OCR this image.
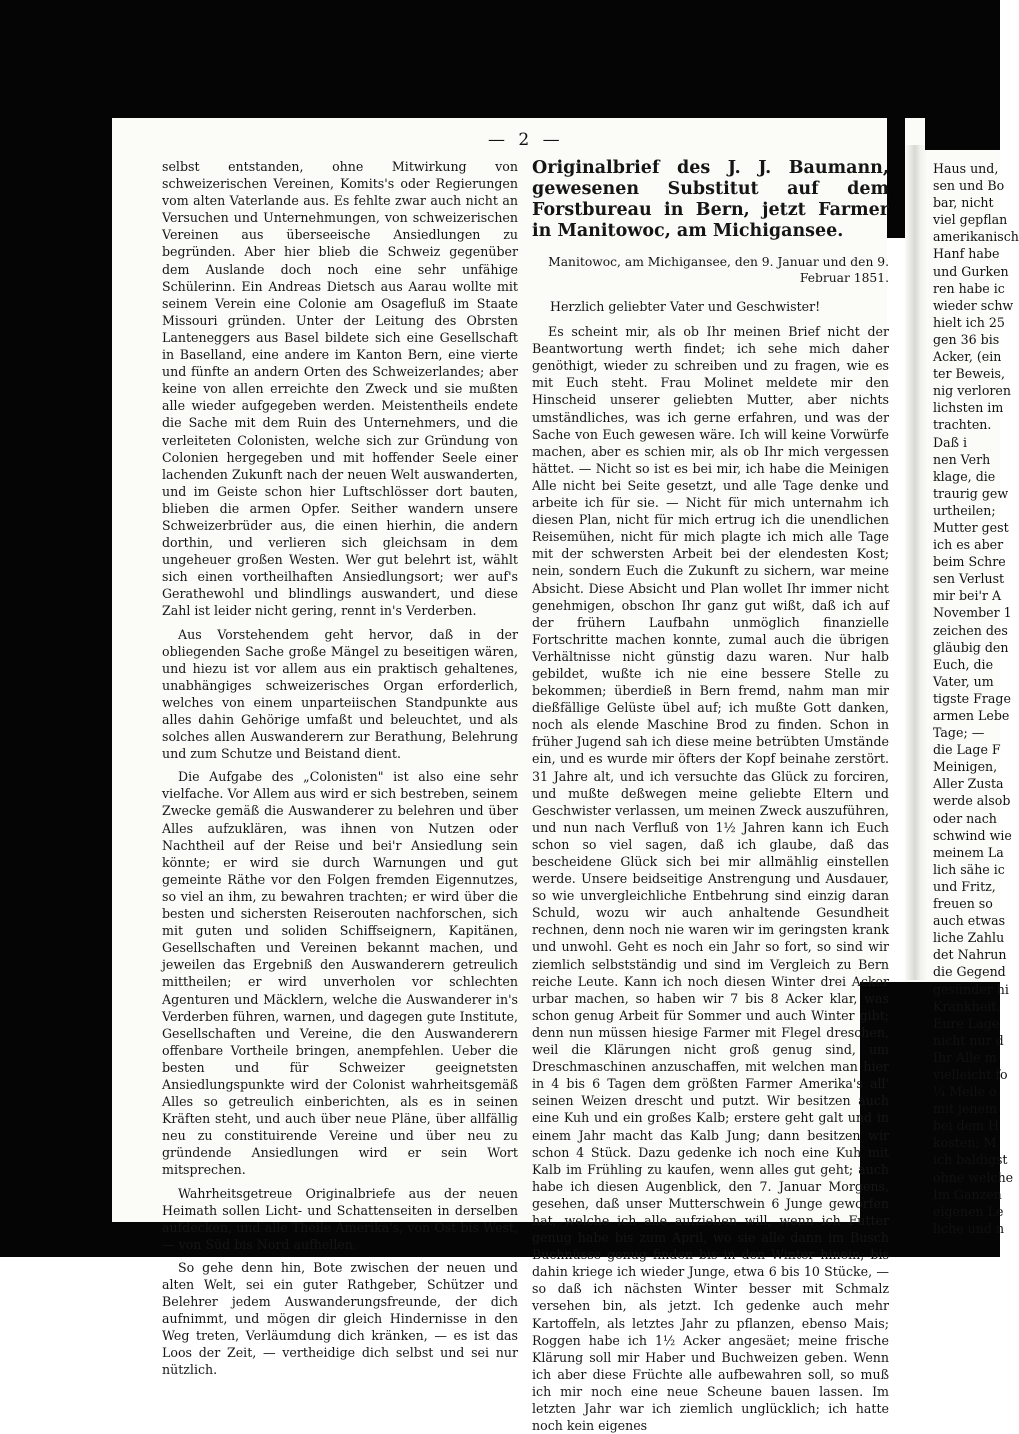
— 2 —

selbst entstanden, ohne Mitwirkung von schweizerischen Vereinen, Komits's oder Regierungen vom alten Vaterlande aus. Es fehlte zwar auch nicht an Versuchen und Unternehmungen, von schweizerischen Vereinen aus überseeische Ansiedlungen zu begründen. Aber hier blieb die Schweiz gegenüber dem Auslande doch noch eine sehr unfähige Schülerinn. Ein Andreas Dietsch aus Aarau wollte mit seinem Verein eine Colonie am Osagefluß im Staate Missouri gründen. Unter der Leitung des Obrsten Lanteneggers aus Basel bildete sich eine Gesellschaft in Baselland, eine andere im Kanton Bern, eine vierte und fünfte an andern Orten des Schweizerlandes; aber keine von allen erreichte den Zweck und sie mußten alle wieder aufgegeben werden. Meistentheils endete die Sache mit dem Ruin des Unternehmers, und die verleiteten Colonisten, welche sich zur Gründung von Colonien hergegeben und mit hoffender Seele einer lachenden Zukunft nach der neuen Welt auswanderten, und im Geiste schon hier Luftschlösser dort bauten, blieben die armen Opfer. Seither wandern unsere Schweizerbrüder aus, die einen hierhin, die andern dorthin, und verlieren sich gleichsam in dem ungeheuer großen Westen. Wer gut belehrt ist, wählt sich einen vortheilhaften Ansiedlungsort; wer auf's Gerathewohl und blindlings auswandert, und diese Zahl ist leider nicht gering, rennt in's Verderben.

Aus Vorstehendem geht hervor, daß in der obliegenden Sache große Mängel zu beseitigen wären, und hiezu ist vor allem aus ein praktisch gehaltenes, unabhängiges schweizerisches Organ erforderlich, welches von einem unparteiischen Standpunkte aus alles dahin Gehörige umfaßt und beleuchtet, und als solches allen Auswanderern zur Berathung, Belehrung und zum Schutze und Beistand dient.

Die Aufgabe des „Colonisten" ist also eine sehr vielfache. Vor Allem aus wird er sich bestreben, seinem Zwecke gemäß die Auswanderer zu belehren und über Alles aufzuklären, was ihnen von Nutzen oder Nachtheil auf der Reise und bei'r Ansiedlung sein könnte; er wird sie durch Warnungen und gut gemeinte Räthe vor den Folgen fremden Eigennutzes, so viel an ihm, zu bewahren trachten; er wird über die besten und sichersten Reiserouten nachforschen, sich mit guten und soliden Schiffseignern, Kapitänen, Gesellschaften und Vereinen bekannt machen, und jeweilen das Ergebniß den Auswanderern getreulich mittheilen; er wird unverholen vor schlechten Agenturen und Mäcklern, welche die Auswanderer in's Verderben führen, warnen, und dagegen gute Institute, Gesellschaften und Vereine, die den Auswanderern offenbare Vortheile bringen, anempfehlen. Ueber die besten und für Schweizer geeignetsten Ansiedlungspunkte wird der Colonist wahrheitsgemäß Alles so getreulich einberichten, als es in seinen Kräften steht, und auch über neue Pläne, über allfällig neu zu constituirende Vereine und über neu zu gründende Ansiedlungen wird er sein Wort mitsprechen.

Wahrheitsgetreue Originalbriefe aus der neuen Heimath sollen Licht- und Schattenseiten in derselben aufdecken, und alle Theile Amerika's, von Ost bis West, — von Süd bis Nord aufhellen.

So gehe denn hin, Bote zwischen der neuen und alten Welt, sei ein guter Rathgeber, Schützer und Belehrer jedem Auswanderungsfreunde, der dich aufnimmt, und mögen dir gleich Hindernisse in den Weg treten, Verläumdung dich kränken, — es ist das Loos der Zeit, — vertheidige dich selbst und sei nur nützlich.

Originalbrief des J. J. Baumann, gewesenen Substitut auf dem Forstbureau in Bern, jetzt Farmer in Manitowoc, am Michigansee.
Manitowoc, am Michigansee, den 9. Januar und den 9. Februar 1851.
Herzlich geliebter Vater und Geschwister!

Es scheint mir, als ob Ihr meinen Brief nicht der Beantwortung werth findet; ich sehe mich daher genöthigt, wieder zu schreiben und zu fragen, wie es mit Euch steht. Frau Molinet meldete mir den Hinscheid unserer geliebten Mutter, aber nichts umständliches, was ich gerne erfahren, und was der Sache von Euch gewesen wäre. Ich will keine Vorwürfe machen, aber es schien mir, als ob Ihr mich vergessen hättet. — Nicht so ist es bei mir, ich habe die Meinigen Alle nicht bei Seite gesetzt, und alle Tage denke und arbeite ich für sie. — Nicht für mich unternahm ich diesen Plan, nicht für mich ertrug ich die unendlichen Reisemühen, nicht für mich plagte ich mich alle Tage mit der schwersten Arbeit bei der elendesten Kost; nein, sondern Euch die Zukunft zu sichern, war meine Absicht. Diese Absicht und Plan wollet Ihr immer nicht genehmigen, obschon Ihr ganz gut wißt, daß ich auf der frühern Laufbahn unmöglich finanzielle Fortschritte machen konnte, zumal auch die übrigen Verhältnisse nicht günstig dazu waren. Nur halb gebildet, wußte ich nie eine bessere Stelle zu bekommen; überdieß in Bern fremd, nahm man mir dießfällige Gelüste übel auf; ich mußte Gott danken, noch als elende Maschine Brod zu finden. Schon in früher Jugend sah ich diese meine betrübten Umstände ein, und es wurde mir öfters der Kopf beinahe zerstört. 31 Jahre alt, und ich versuchte das Glück zu forciren, und mußte deßwegen meine geliebte Eltern und Geschwister verlassen, um meinen Zweck auszuführen, und nun nach Verfluß von 1½ Jahren kann ich Euch schon so viel sagen, daß ich glaube, daß das bescheidene Glück sich bei mir allmählig einstellen werde. Unsere beidseitige Anstrengung und Ausdauer, so wie unvergleichliche Entbehrung sind einzig daran Schuld, wozu wir auch anhaltende Gesundheit rechnen, denn noch nie waren wir im geringsten krank und unwohl. Geht es noch ein Jahr so fort, so sind wir ziemlich selbstständig und sind im Vergleich zu Bern reiche Leute. Kann ich noch diesen Winter drei Acker urbar machen, so haben wir 7 bis 8 Acker klar, was schon genug Arbeit für Sommer und auch Winter gibt; denn nun müssen hiesige Farmer mit Flegel dreschen, weil die Klärungen nicht groß genug sind, um Dreschmaschinen anzuschaffen, mit welchen man hier in 4 bis 6 Tagen dem größten Farmer Amerika's all' seinen Weizen drescht und putzt. Wir besitzen auch eine Kuh und ein großes Kalb; erstere geht galt und in einem Jahr macht das Kalb Jung; dann besitzen wir schon 4 Stück. Dazu gedenke ich noch eine Kuh mit Kalb im Frühling zu kaufen, wenn alles gut geht; auch habe ich diesen Augenblick, den 7. Januar Morgens, gesehen, daß unser Mutterschwein 6 Junge geworfen hat, welche ich alle aufziehen will, wenn ich Futter genug habe bis zum April, wo sie alle dann im Busch Buchnüsse genug finden bis in den Winter hinein; bis dahin kriege ich wieder Junge, etwa 6 bis 10 Stücke, — so daß ich nächsten Winter besser mit Schmalz versehen bin, als jetzt. Ich gedenke auch mehr Kartoffeln, als letztes Jahr zu pflanzen, ebenso Mais; Roggen habe ich 1½ Acker angesäet; meine frische Klärung soll mir Haber und Buchweizen geben. Wenn ich aber diese Früchte alle aufbewahren soll, so muß ich mir noch eine neue Scheune bauen lassen. Im letzten Jahr war ich ziemlich unglücklich; ich hatte noch kein eigenes

Haus und,
sen und Bo
bar, nicht
viel gepflan
amerikanisch
Hanf habe
und Gurken
ren habe ic
wieder schw
hielt ich 25
gen 36 bis
Acker, (ein
ter Beweis,
nig verloren
lichsten im
trachten.
Daß i
nen Verh
klage, die
traurig gew
urtheilen;
Mutter gest
ich es aber
beim Schre
sen Verlust
mir bei'r A
November 1
zeichen des
gläubig den
Euch, die
Vater, um
tigste Frage
armen Lebe
Tage; —
die Lage F
Meinigen,
Aller Zusta
werde alsob
oder nach
schwind wie
meinem La
lich sähe ic
und Fritz,
freuen so
auch etwas
liche Zahlu
det Nahrun
die Gegend
gesünder hi
Krankheit.
Eure Lage
nicht nur d
Ihr Alle m
vielleicht fo
¼ Meile o
mit jenem
bei dem H
kosten; M
ich baldigst
ohne welche
Im Ganzen
eigenen Le
liche und n
